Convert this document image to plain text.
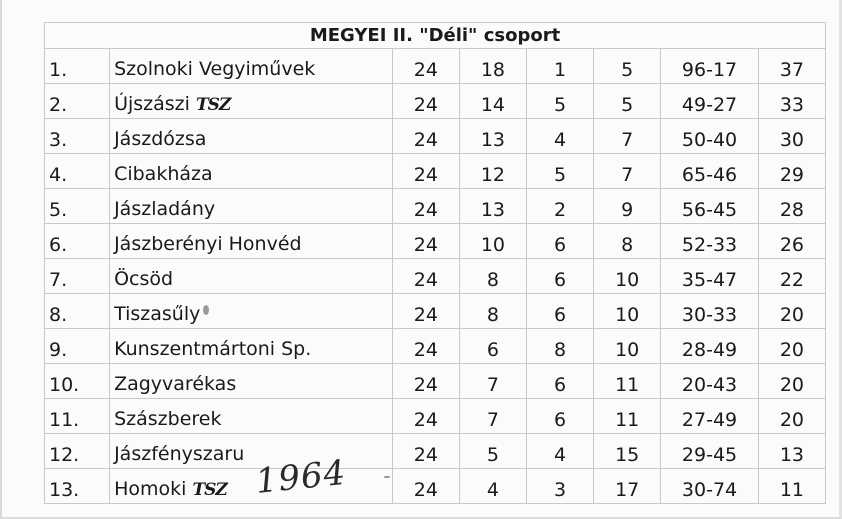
MEGYEI II. "Déli" csoport							
1.	Szolnoki Vegyiművek	24	18	1	5	96-17	37
2.	Újszászi TSZ	24	14	5	5	49-27	33
3.	Jászdózsa	24	13	4	7	50-40	30
4.	Cibakháza	24	12	5	7	65-46	29
5.	Jászladány	24	13	2	9	56-45	28
6.	Jászberényi Honvéd	24	10	6	8	52-33	26
7.	Öcsöd	24	8	6	10	35-47	22
8.	Tiszasűly	24	8	6	10	30-33	20
9.	Kunszentmártoni Sp.	24	6	8	10	28-49	20
10.	Zagyvarékas	24	7	6	11	20-43	20
11.	Szászberek	24	7	6	11	27-49	20
12.	Jászfényszaru	24	5	4	15	29-45	13
13.	Homoki TSZ	24	4	3	17	30-74	11
1964
